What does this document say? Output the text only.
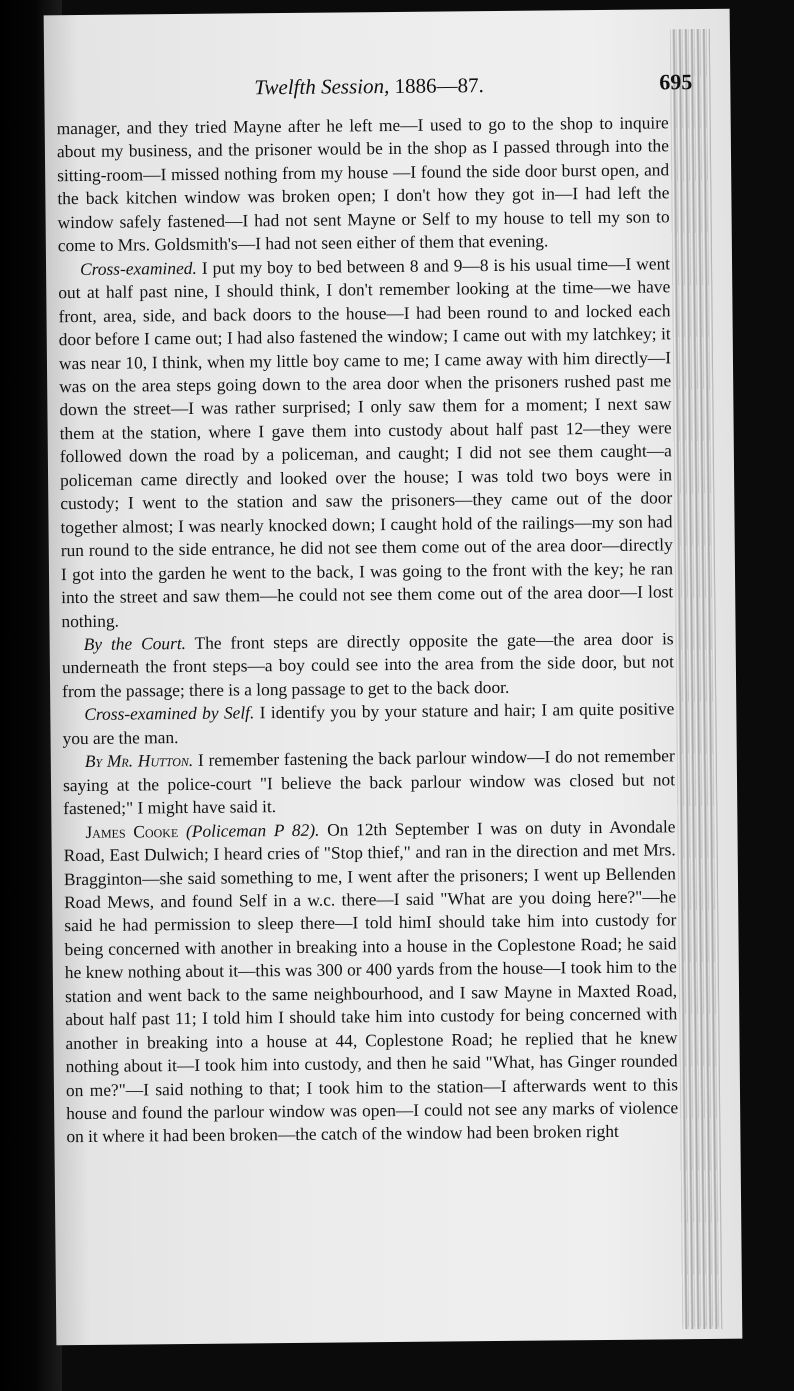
Twelfth Session, 1886—87.	695

manager, and they tried Mayne after he left me—I used to go to the shop to inquire about my business, and the prisoner would be in the shop as I passed through into the sitting-room—I missed nothing from my house —I found the side door burst open, and the back kitchen window was broken open; I don't how they got in—I had left the window safely fastened—I had not sent Mayne or Self to my house to tell my son to come to Mrs. Goldsmith's—I had not seen either of them that evening.

Cross-examined. I put my boy to bed between 8 and 9—8 is his usual time—I went out at half past nine, I should think, I don't remember looking at the time—we have front, area, side, and back doors to the house—I had been round to and locked each door before I came out; I had also fastened the window; I came out with my latchkey; it was near 10, I think, when my little boy came to me; I came away with him directly—I was on the area steps going down to the area door when the prisoners rushed past me down the street—I was rather surprised; I only saw them for a moment; I next saw them at the station, where I gave them into custody about half past 12—they were followed down the road by a policeman, and caught; I did not see them caught—a policeman came directly and looked over the house; I was told two boys were in custody; I went to the station and saw the prisoners—they came out of the door together almost; I was nearly knocked down; I caught hold of the railings—my son had run round to the side entrance, he did not see them come out of the area door—directly I got into the garden he went to the back, I was going to the front with the key; he ran into the street and saw them—he could not see them come out of the area door—I lost nothing.

By the Court. The front steps are directly opposite the gate—the area door is underneath the front steps—a boy could see into the area from the side door, but not from the passage; there is a long passage to get to the back door.

Cross-examined by Self. I identify you by your stature and hair; I am quite positive you are the man.

By Mr. Hutton. I remember fastening the back parlour window—I do not remember saying at the police-court "I believe the back parlour window was closed but not fastened;" I might have said it.

James Cooke (Policeman P 82). On 12th September I was on duty in Avondale Road, East Dulwich; I heard cries of "Stop thief," and ran in the direction and met Mrs. Bragginton—she said something to me, I went after the prisoners; I went up Bellenden Road Mews, and found Self in a w.c. there—I said "What are you doing here?"—he said he had permission to sleep there—I told himI should take him into custody for being concerned with another in breaking into a house in the Coplestone Road; he said he knew nothing about it—this was 300 or 400 yards from the house—I took him to the station and went back to the same neighbourhood, and I saw Mayne in Maxted Road, about half past 11; I told him I should take him into custody for being concerned with another in breaking into a house at 44, Coplestone Road; he replied that he knew nothing about it—I took him into custody, and then he said "What, has Ginger rounded on me?"—I said nothing to that; I took him to the station—I afterwards went to this house and found the parlour window was open—I could not see any marks of violence on it where it had been broken—the catch of the window had been broken right
